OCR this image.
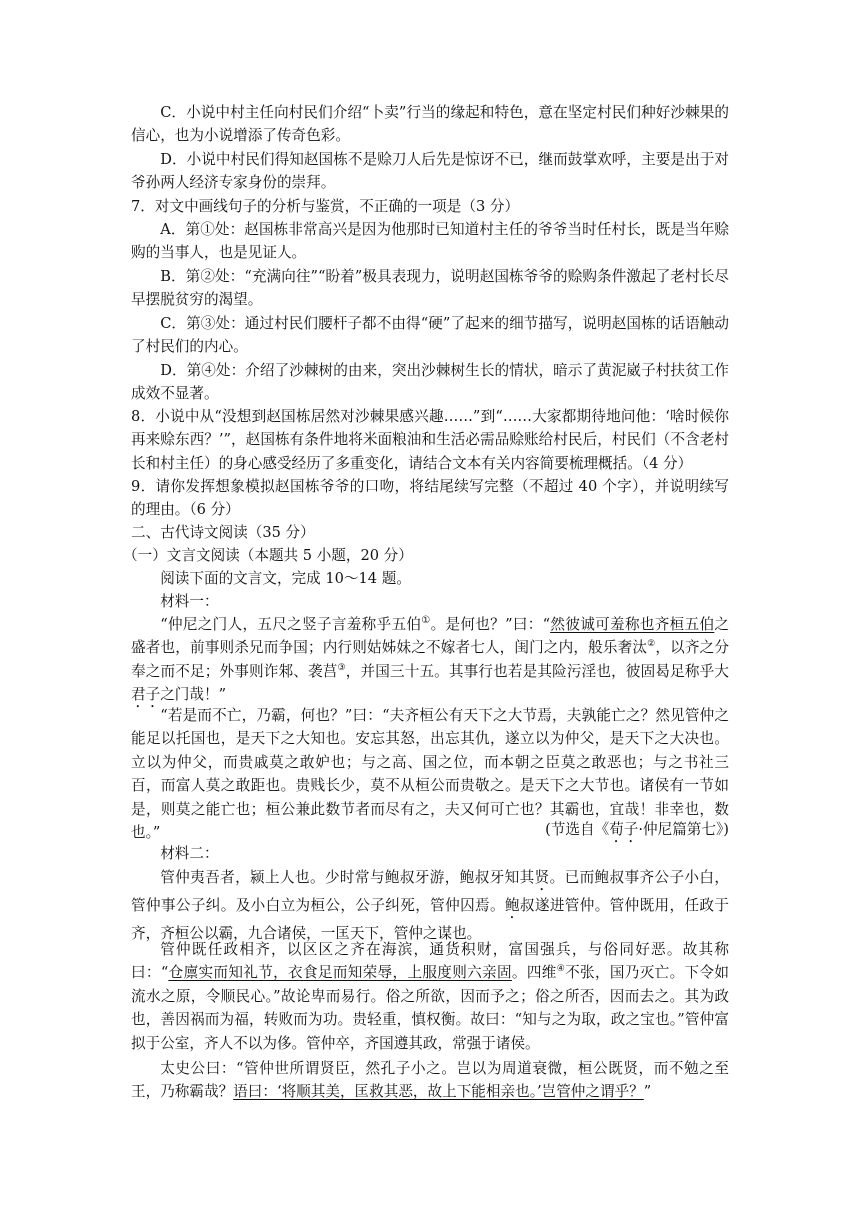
C．小说中村主任向村民们介绍“卜卖”行当的缘起和特色，意在坚定村民们种好沙棘果的信心，也为小说增添了传奇色彩。

D．小说中村民们得知赵国栋不是赊刀人后先是惊讶不已，继而鼓掌欢呼，主要是出于对爷孙两人经济专家身份的崇拜。

7．对文中画线句子的分析与鉴赏，不正确的一项是（3 分）

A．第①处：赵国栋非常高兴是因为他那时已知道村主任的爷爷当时任村长，既是当年赊购的当事人，也是见证人。

B．第②处：“充满向往”“盼着”极具表现力，说明赵国栋爷爷的赊购条件激起了老村长尽早摆脱贫穷的渴望。

C．第③处：通过村民们腰杆子都不由得“硬”了起来的细节描写，说明赵国栋的话语触动了村民们的内心。

D．第④处：介绍了沙棘树的由来，突出沙棘树生长的情状，暗示了黄泥崴子村扶贫工作成效不显著。

8．小说中从“没想到赵国栋居然对沙棘果感兴趣……”到“……大家都期待地问他：‘啥时候你再来赊东西？’”，赵国栋有条件地将米面粮油和生活必需品赊账给村民后，村民们（不含老村长和村主任）的身心感受经历了多重变化，请结合文本有关内容简要梳理概括。（4 分）

9．请你发挥想象模拟赵国栋爷爷的口吻，将结尾续写完整（不超过 40 个字），并说明续写的理由。（6 分）

二、古代诗文阅读（35 分）

（一）文言文阅读（本题共 5 小题，20 分）

阅读下面的文言文，完成 10～14 题。

材料一：

“仲尼之门人，五尺之竖子言羞称乎五伯①。是何也？”曰：“然彼诚可羞称也齐桓五伯之盛者也，前事则杀兄而争国；内行则姑姊妹之不嫁者七人，闺门之内，般乐奢汰②，以齐之分奉之而不足；外事则诈邾、袭莒③，并国三十五。其事行也若是其险污淫也，彼固曷足称乎大君子之门哉！”

“若是而不亡，乃霸，何也？”曰：“夫齐桓公有天下之大节焉，夫孰能亡之？然见管仲之能足以托国也，是天下之大知也。安忘其怒，出忘其仇，遂立以为仲父，是天下之大决也。立以为仲父，而贵戚莫之敢妒也；与之高、国之位，而本朝之臣莫之敢恶也；与之书社三百，而富人莫之敢距也。贵贱长少，莫不从桓公而贵敬之。是天下之大节也。诸侯有一节如是，则莫之能亡也；桓公兼此数节者而尽有之，夫又何可亡也？其霸也，宜哉！非幸也，数也。”	(节选自《荀子·仲尼篇第七》)

材料二：

管仲夷吾者，颍上人也。少时常与鲍叔牙游，鲍叔牙知其贤。已而鲍叔事齐公子小白，管仲事公子纠。及小白立为桓公，公子纠死，管仲囚焉。鲍叔遂进管仲。管仲既用，任政于齐，齐桓公以霸，九合诸侯，一匡天下，管仲之谋也。

管仲既任政相齐，以区区之齐在海滨，通货积财，富国强兵，与俗同好恶。故其称曰：“仓廪实而知礼节，衣食足而知荣辱，上服度则六亲固。四维④不张，国乃灭亡。下令如流水之原，令顺民心。”故论卑而易行。俗之所欲，因而予之；俗之所否，因而去之。其为政也，善因祸而为福，转败而为功。贵轻重，慎权衡。故曰：“知与之为取，政之宝也。”管仲富拟于公室，齐人不以为侈。管仲卒，齐国遵其政，常强于诸侯。

太史公曰：“管仲世所谓贤臣，然孔子小之。岂以为周道衰微，桓公既贤，而不勉之至王，乃称霸哉？语曰：‘将顺其美，匡救其恶，故上下能相亲也。’岂管仲之谓乎？”
